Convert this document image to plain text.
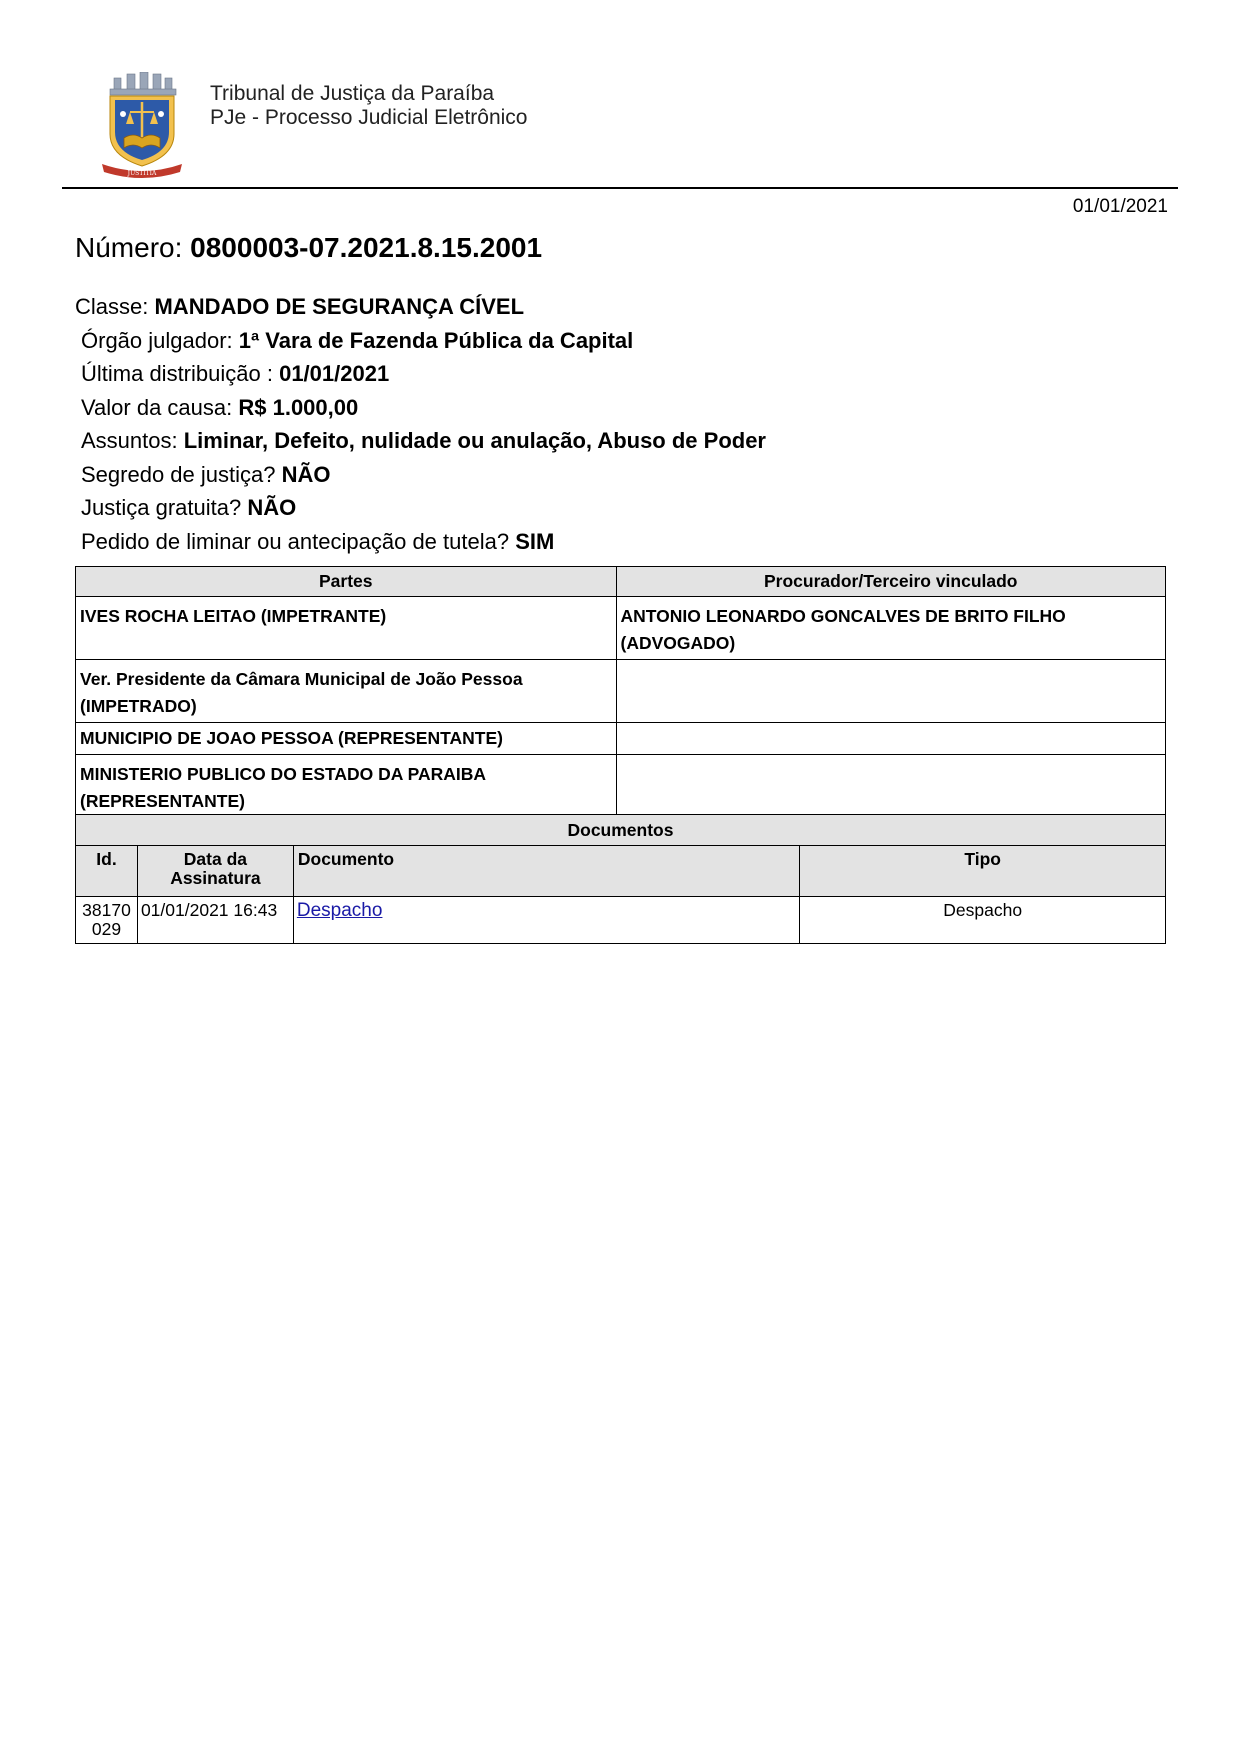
JUSTITIA
Tribunal de Justiça da Paraíba
PJe - Processo Judicial Eletrônico
01/01/2021
Número: 0800003-07.2021.8.15.2001
Classe: MANDADO DE SEGURANÇA CÍVEL
Órgão julgador: 1ª Vara de Fazenda Pública da Capital
Última distribuição : 01/01/2021
Valor da causa: R$ 1.000,00
Assuntos: Liminar, Defeito, nulidade ou anulação, Abuso de Poder
Segredo de justiça? NÃO
Justiça gratuita? NÃO
Pedido de liminar ou antecipação de tutela? SIM
Partes	Procurador/Terceiro vinculado
IVES ROCHA LEITAO (IMPETRANTE)	ANTONIO LEONARDO GONCALVES DE BRITO FILHO (ADVOGADO)
Ver. Presidente da Câmara Municipal de João Pessoa (IMPETRADO)	
MUNICIPIO DE JOAO PESSOA (REPRESENTANTE)	
MINISTERIO PUBLICO DO ESTADO DA PARAIBA (REPRESENTANTE)	
Documentos			
Id.	Data da Assinatura	Documento	Tipo
38170029	01/01/2021 16:43	Despacho	Despacho
